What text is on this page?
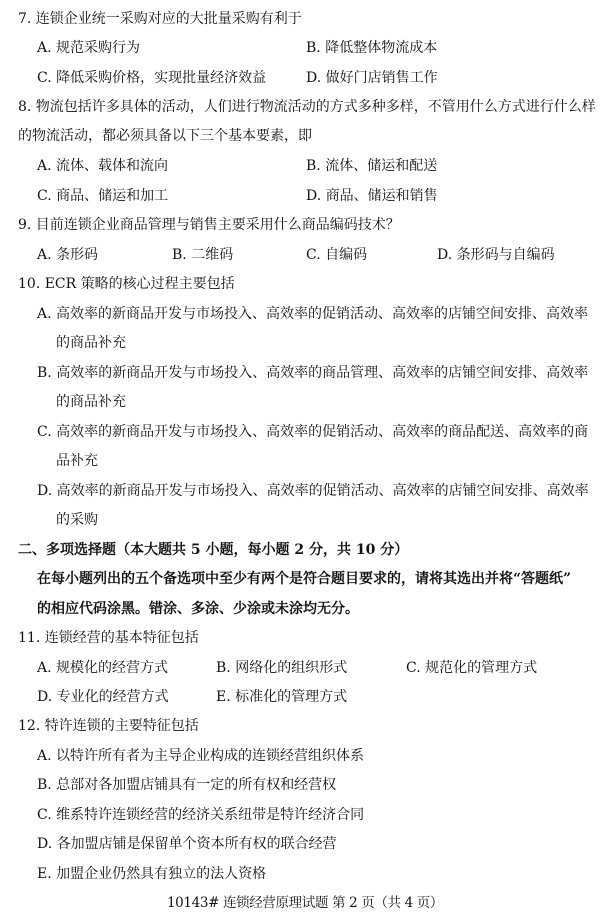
7. 连锁企业统一采购对应的大批量采购有利于
A. 规范采购行为	B. 降低整体物流成本
C. 降低采购价格，实现批量经济效益	D. 做好门店销售工作
8. 物流包括许多具体的活动，人们进行物流活动的方式多种多样，不管用什么方式进行什么样
的物流活动，都必须具备以下三个基本要素，即
A. 流体、载体和流向	B. 流体、储运和配送
C. 商品、储运和加工	D. 商品、储运和销售
9. 目前连锁企业商品管理与销售主要采用什么商品编码技术？
A. 条形码	B. 二维码	C. 自编码	D. 条形码与自编码
10. ECR 策略的核心过程主要包括
A. 高效率的新商品开发与市场投入、高效率的促销活动、高效率的店铺空间安排、高效率
的商品补充
B. 高效率的新商品开发与市场投入、高效率的商品管理、高效率的店铺空间安排、高效率
的商品补充
C. 高效率的新商品开发与市场投入、高效率的促销活动、高效率的商品配送、高效率的商
品补充
D. 高效率的新商品开发与市场投入、高效率的促销活动、高效率的店铺空间安排、高效率
的采购
二、多项选择题（本大题共 5 小题，每小题 2 分，共 10 分）
在每小题列出的五个备选项中至少有两个是符合题目要求的，请将其选出并将“答题纸”
的相应代码涂黑。错涂、多涂、少涂或未涂均无分。
11. 连锁经营的基本特征包括
A. 规模化的经营方式	B. 网络化的组织形式	C. 规范化的管理方式
D. 专业化的经营方式	E. 标准化的管理方式
12. 特许连锁的主要特征包括
A. 以特许所有者为主导企业构成的连锁经营组织体系
B. 总部对各加盟店铺具有一定的所有权和经营权
C. 维系特许连锁经营的经济关系纽带是特许经济合同
D. 各加盟店铺是保留单个资本所有权的联合经营
E. 加盟企业仍然具有独立的法人资格
10143# 连锁经营原理试题 第 2 页（共 4 页）
